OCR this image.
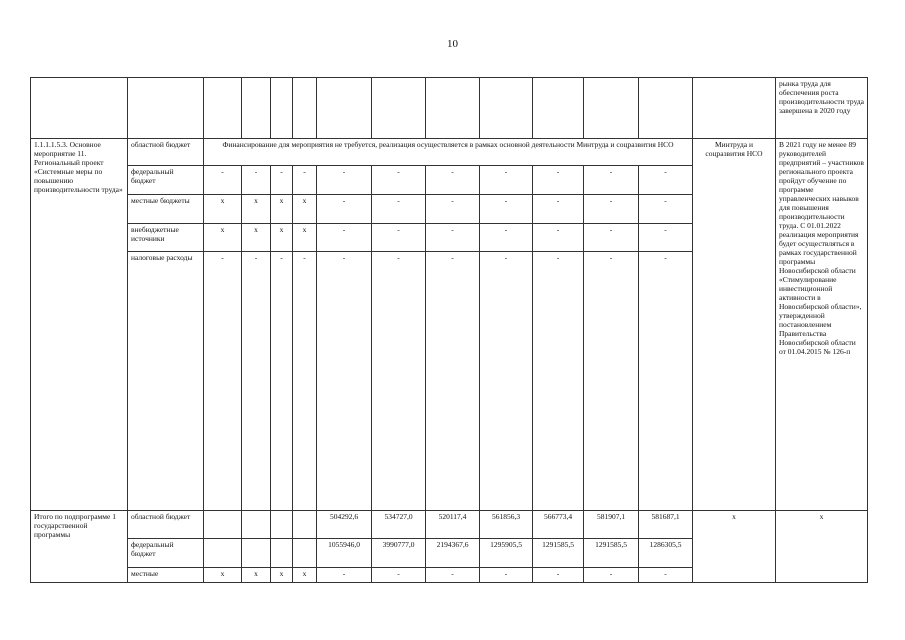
10
														рынка труда для обеспечения роста производительности труда завершена в 2020 году
1.1.1.1.5.3. Основное мероприятие 11. Региональный проект «Системные меры по повышению производительности труда»	областной бюджет	Финансирование для мероприятия не требуется, реализация осуществляется в рамках основной деятельности Минтруда и соцразвития НСО											Минтруда и соцразвития НСО	В 2021 году не менее 89 руководителей предприятий – участников регионального проекта пройдут обучение по программе управленческих навыков для повышения производительности труда. С 01.01.2022 реализация мероприятия будет осуществляться в рамках государственной программы Новосибирской области «Стимулирование инвестиционной активности в Новосибирской области», утвержденной постановлением Правительства Новосибирской области от 01.04.2015 № 126-п
	федеральный бюджет	-	-	-	-	-	-	-	-	-	-	-		
	местные бюджеты	х	х	х	х	-	-	-	-	-	-	-		
	внебюджетные источники	х	х	х	х	-	-	-	-	-	-	-		
	налоговые расходы	-	-	-	-	-	-	-	-	-	-	-		
Итого по подпрограмме 1 государственной программы	областной бюджет					504292,6	534727,0	520117,4	561856,3	566773,4	581907,1	581687,1	х	х
	федеральный бюджет					1055946,0	3990777,0	2194367,6	1295905,5	1291585,5	1291585,5	1286305,5		
	местные	х	х	х	х	-	-	-	-	-	-	-		
